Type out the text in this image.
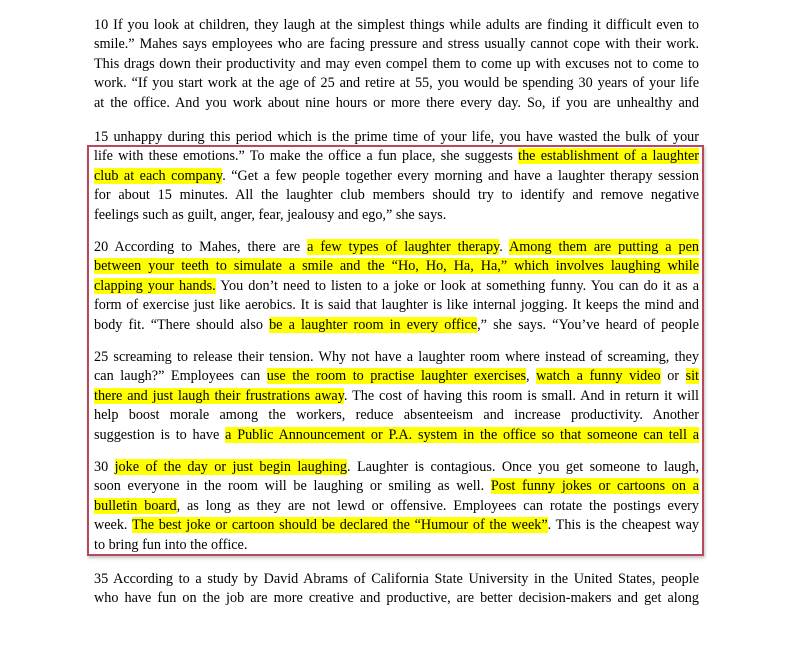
10 If you look at children, they laugh at the simplest things while adults are finding it difficult even to
smile.” Mahes says employees who are facing pressure and stress usually cannot cope with their work.
This drags down their productivity and may even compel them to come up with excuses not to come to
work. “If you start work at the age of 25 and retire at 55, you would be spending 30 years of your life
at the office. And you work about nine hours or more there every day. So, if you are unhealthy and
15 unhappy during this period which is the prime time of your life, you have wasted the bulk of your
life with these emotions.” To make the office a fun place, she suggests the establishment of a laughter
club at each company. “Get a few people together every morning and have a laughter therapy session
for about 15 minutes. All the laughter club members should try to identify and remove negative
feelings such as guilt, anger, fear, jealousy and ego,” she says.
20 According to Mahes, there are a few types of laughter therapy. Among them are putting a pen
between your teeth to simulate a smile and the “Ho, Ho, Ha, Ha,” which involves laughing while
clapping your hands. You don’t need to listen to a joke or look at something funny. You can do it as a
form of exercise just like aerobics. It is said that laughter is like internal jogging. It keeps the mind and
body fit. “There should also be a laughter room in every office,” she says. “You’ve heard of people
25 screaming to release their tension. Why not have a laughter room where instead of screaming, they
can laugh?” Employees can use the room to practise laughter exercises, watch a funny video or sit
there and just laugh their frustrations away. The cost of having this room is small. And in return it will
help boost morale among the workers, reduce absenteeism and increase productivity. Another
suggestion is to have a Public Announcement or P.A. system in the office so that someone can tell a
30 joke of the day or just begin laughing. Laughter is contagious. Once you get someone to laugh,
soon everyone in the room will be laughing or smiling as well. Post funny jokes or cartoons on a
bulletin board, as long as they are not lewd or offensive. Employees can rotate the postings every
week. The best joke or cartoon should be declared the “Humour of the week”. This is the cheapest way
to bring fun into the office.
35 According to a study by David Abrams of California State University in the United States, people
who have fun on the job are more creative and productive, are better decision-makers and get along
